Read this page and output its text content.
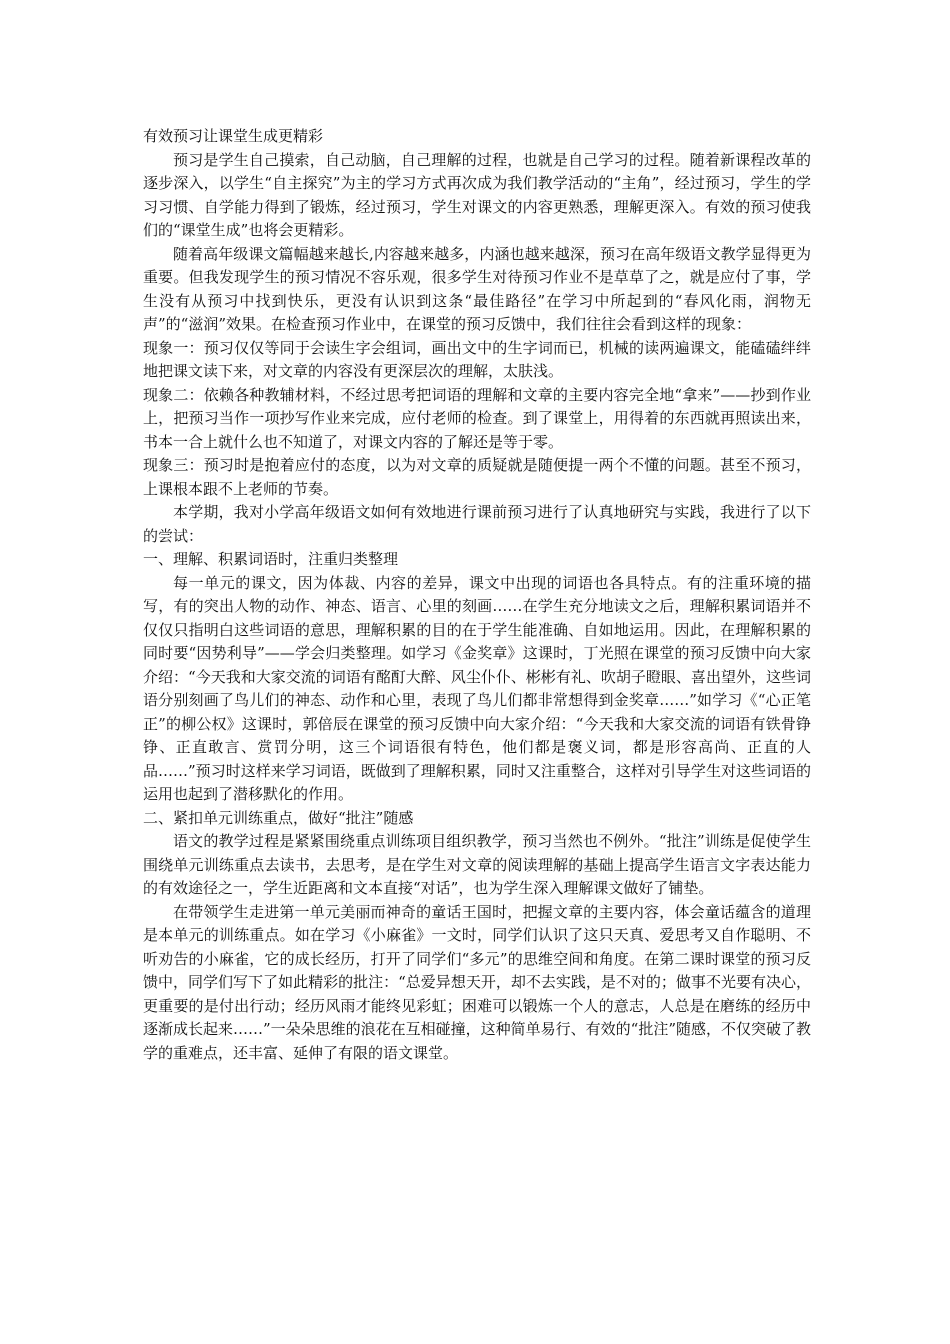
有效预习让课堂生成更精彩

预习是学生自己摸索，自己动脑，自己理解的过程，也就是自己学习的过程。随着新课程改革的逐步深入，以学生“自主探究”为主的学习方式再次成为我们教学活动的“主角”，经过预习，学生的学习习惯、自学能力得到了锻炼，经过预习，学生对课文的内容更熟悉，理解更深入。有效的预习使我们的“课堂生成”也将会更精彩。

随着高年级课文篇幅越来越长,内容越来越多，内涵也越来越深，预习在高年级语文教学显得更为重要。但我发现学生的预习情况不容乐观，很多学生对待预习作业不是草草了之，就是应付了事，学生没有从预习中找到快乐，更没有认识到这条“最佳路径”在学习中所起到的“春风化雨，润物无声”的“滋润”效果。在检查预习作业中，在课堂的预习反馈中，我们往往会看到这样的现象：

现象一：预习仅仅等同于会读生字会组词，画出文中的生字词而已，机械的读两遍课文，能磕磕绊绊地把课文读下来，对文章的内容没有更深层次的理解，太肤浅。

现象二：依赖各种教辅材料，不经过思考把词语的理解和文章的主要内容完全地“拿来”——抄到作业上，把预习当作一项抄写作业来完成，应付老师的检查。到了课堂上，用得着的东西就再照读出来，书本一合上就什么也不知道了，对课文内容的了解还是等于零。

现象三：预习时是抱着应付的态度，以为对文章的质疑就是随便提一两个不懂的问题。甚至不预习，上课根本跟不上老师的节奏。

本学期，我对小学高年级语文如何有效地进行课前预习进行了认真地研究与实践，我进行了以下的尝试：

一、理解、积累词语时，注重归类整理

每一单元的课文，因为体裁、内容的差异，课文中出现的词语也各具特点。有的注重环境的描写，有的突出人物的动作、神态、语言、心里的刻画……在学生充分地读文之后，理解积累词语并不仅仅只指明白这些词语的意思，理解积累的目的在于学生能准确、自如地运用。因此，在理解积累的同时要“因势利导”——学会归类整理。如学习《金奖章》这课时，丁光照在课堂的预习反馈中向大家介绍：“今天我和大家交流的词语有酩酊大醉、风尘仆仆、彬彬有礼、吹胡子瞪眼、喜出望外，这些词语分别刻画了鸟儿们的神态、动作和心里，表现了鸟儿们都非常想得到金奖章……”如学习《“心正笔正”的柳公权》这课时，郭倍辰在课堂的预习反馈中向大家介绍：“今天我和大家交流的词语有铁骨铮铮、正直敢言、赏罚分明，这三个词语很有特色，他们都是褒义词，都是形容高尚、正直的人品……”预习时这样来学习词语，既做到了理解积累，同时又注重整合，这样对引导学生对这些词语的运用也起到了潜移默化的作用。

二、紧扣单元训练重点，做好“批注”随感

语文的教学过程是紧紧围绕重点训练项目组织教学，预习当然也不例外。“批注”训练是促使学生围绕单元训练重点去读书，去思考，是在学生对文章的阅读理解的基础上提高学生语言文字表达能力的有效途径之一，学生近距离和文本直接“对话”，也为学生深入理解课文做好了铺垫。

在带领学生走进第一单元美丽而神奇的童话王国时，把握文章的主要内容，体会童话蕴含的道理是本单元的训练重点。如在学习《小麻雀》一文时，同学们认识了这只天真、爱思考又自作聪明、不听劝告的小麻雀，它的成长经历，打开了同学们“多元”的思维空间和角度。在第二课时课堂的预习反馈中，同学们写下了如此精彩的批注：“总爱异想天开，却不去实践，是不对的；做事不光要有决心，更重要的是付出行动；经历风雨才能终见彩虹；困难可以锻炼一个人的意志，人总是在磨练的经历中逐渐成长起来……”一朵朵思维的浪花在互相碰撞，这种简单易行、有效的“批注”随感，不仅突破了教学的重难点，还丰富、延伸了有限的语文课堂。
